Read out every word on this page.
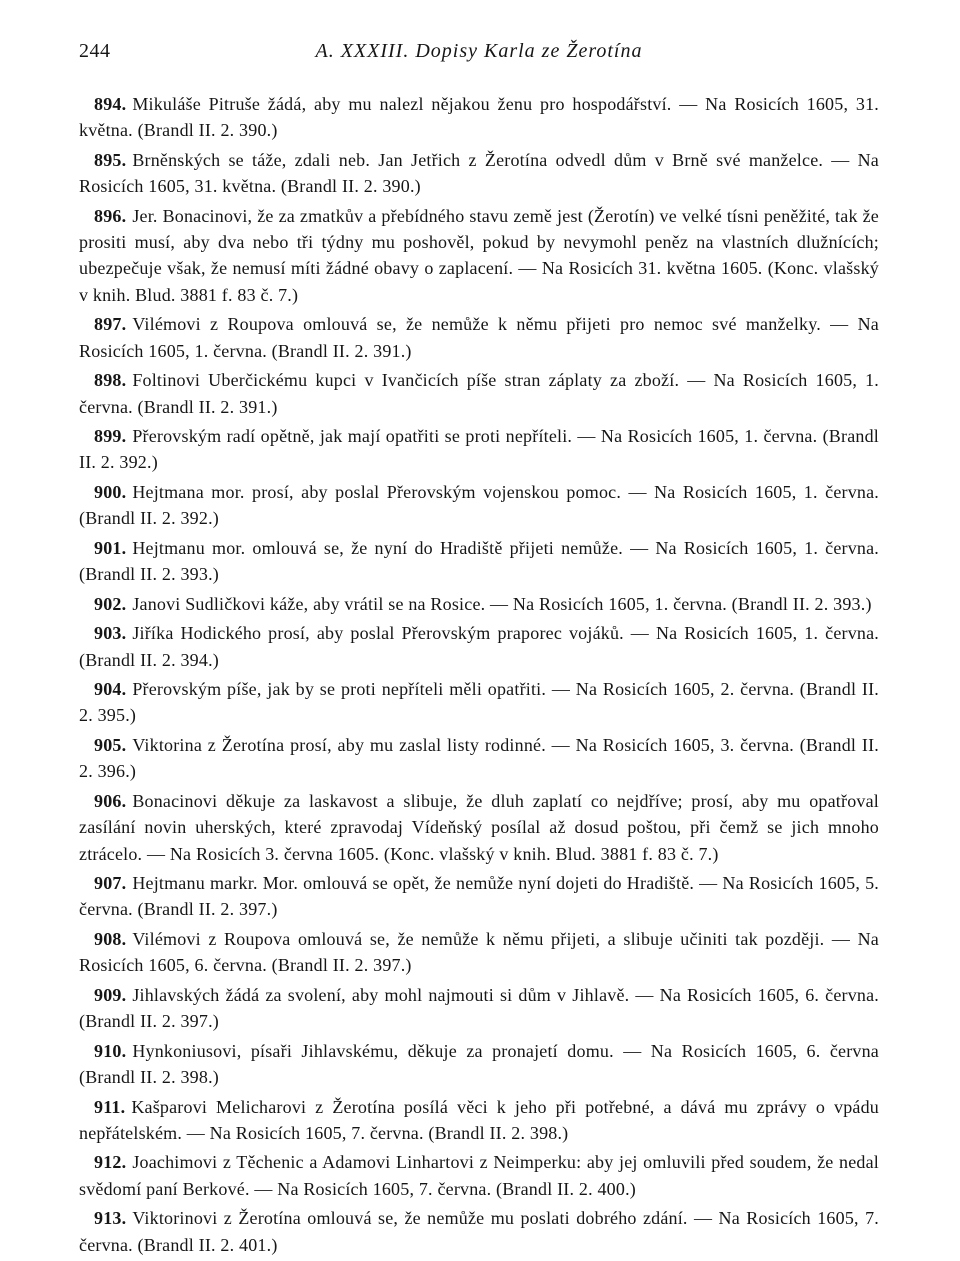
244	A. XXXIII. Dopisy Karla ze Žerotína

894. Mikuláše Pitruše žádá, aby mu nalezl nějakou ženu pro hospodářství. — Na Rosicích 1605, 31. května. (Brandl II. 2. 390.)

895. Brněnských se táže, zdali neb. Jan Jetřich z Žerotína odvedl dům v Brně své manželce. — Na Rosicích 1605, 31. května. (Brandl II. 2. 390.)

896. Jer. Bonacinovi, že za zmatkův a přebídného stavu země jest (Žerotín) ve velké tísni peněžité, tak že prositi musí, aby dva nebo tři týdny mu poshověl, pokud by nevymohl peněz na vlastních dlužnících; ubezpečuje však, že nemusí míti žádné obavy o zaplacení. — Na Rosicích 31. května 1605. (Konc. vlašský v knih. Blud. 3881 f. 83 č. 7.)

897. Vilémovi z Roupova omlouvá se, že nemůže k němu přijeti pro nemoc své manželky. — Na Rosicích 1605, 1. června. (Brandl II. 2. 391.)

898. Foltinovi Uberčickému kupci v Ivančicích píše stran záplaty za zboží. — Na Rosicích 1605, 1. června. (Brandl II. 2. 391.)

899. Přerovským radí opětně, jak mají opatřiti se proti nepříteli. — Na Rosicích 1605, 1. června. (Brandl II. 2. 392.)

900. Hejtmana mor. prosí, aby poslal Přerovským vojenskou pomoc. — Na Rosicích 1605, 1. června. (Brandl II. 2. 392.)

901. Hejtmanu mor. omlouvá se, že nyní do Hradiště přijeti nemůže. — Na Rosicích 1605, 1. června. (Brandl II. 2. 393.)

902. Janovi Sudličkovi káže, aby vrátil se na Rosice. — Na Rosicích 1605, 1. června. (Brandl II. 2. 393.)

903. Jiříka Hodického prosí, aby poslal Přerovským praporec vojáků. — Na Rosicích 1605, 1. června. (Brandl II. 2. 394.)

904. Přerovským píše, jak by se proti nepříteli měli opatřiti. — Na Rosicích 1605, 2. června. (Brandl II. 2. 395.)

905. Viktorina z Žerotína prosí, aby mu zaslal listy rodinné. — Na Rosicích 1605, 3. června. (Brandl II. 2. 396.)

906. Bonacinovi děkuje za laskavost a slibuje, že dluh zaplatí co nejdříve; prosí, aby mu opatřoval zasílání novin uherských, které zpravodaj Vídeňský posílal až dosud poštou, při čemž se jich mnoho ztrácelo. — Na Rosicích 3. června 1605. (Konc. vlašský v knih. Blud. 3881 f. 83 č. 7.)

907. Hejtmanu markr. Mor. omlouvá se opět, že nemůže nyní dojeti do Hradiště. — Na Rosicích 1605, 5. června. (Brandl II. 2. 397.)

908. Vilémovi z Roupova omlouvá se, že nemůže k němu přijeti, a slibuje učiniti tak později. — Na Rosicích 1605, 6. června. (Brandl II. 2. 397.)

909. Jihlavských žádá za svolení, aby mohl najmouti si dům v Jihlavě. — Na Rosicích 1605, 6. června. (Brandl II. 2. 397.)

910. Hynkoniusovi, písaři Jihlavskému, děkuje za pronajetí domu. — Na Rosicích 1605, 6. června (Brandl II. 2. 398.)

911. Kašparovi Melicharovi z Žerotína posílá věci k jeho při potřebné, a dává mu zprávy o vpádu nepřátelském. — Na Rosicích 1605, 7. června. (Brandl II. 2. 398.)

912. Joachimovi z Těchenic a Adamovi Linhartovi z Neimperku: aby jej omluvili před soudem, že nedal svědomí paní Berkové. — Na Rosicích 1605, 7. června. (Brandl II. 2. 400.)

913. Viktorinovi z Žerotína omlouvá se, že nemůže mu poslati dobrého zdání. — Na Rosicích 1605, 7. června. (Brandl II. 2. 401.)
